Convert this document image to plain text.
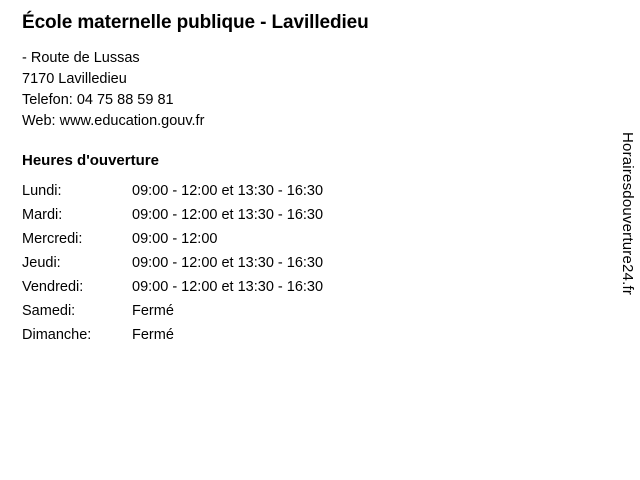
École maternelle publique - Lavilledieu
- Route de Lussas
7170 Lavilledieu
Telefon: 04 75 88 59 81
Web: www.education.gouv.fr
Heures d'ouverture
Lundi:	09:00 - 12:00 et 13:30 - 16:30
Mardi:	09:00 - 12:00 et 13:30 - 16:30
Mercredi:	09:00 - 12:00
Jeudi:	09:00 - 12:00 et 13:30 - 16:30
Vendredi:	09:00 - 12:00 et 13:30 - 16:30
Samedi:	Fermé
Dimanche:	Fermé
Horairesdouverture24.fr
